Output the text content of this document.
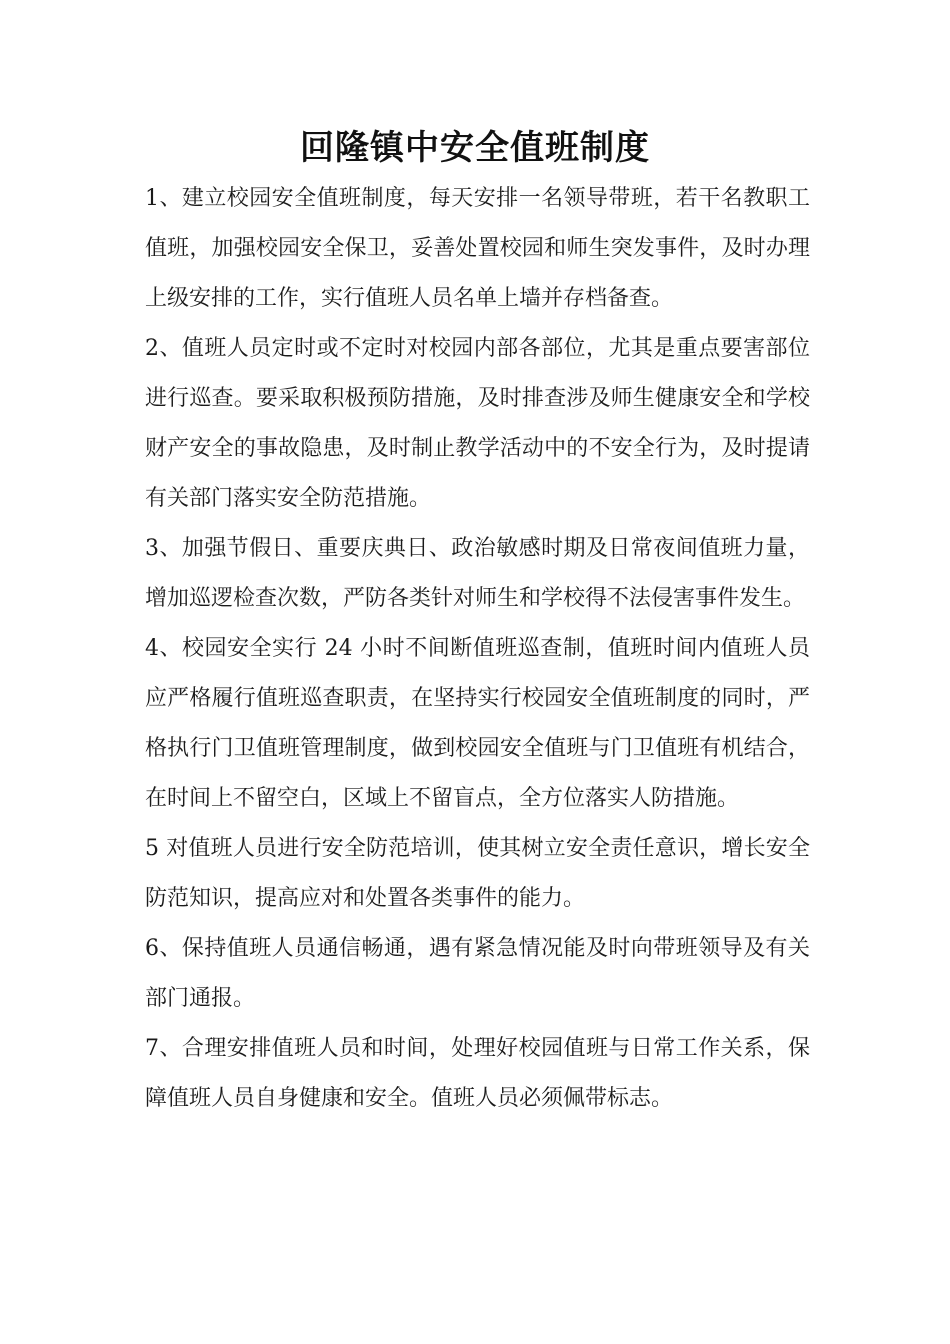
回隆镇中安全值班制度

1、建立校园安全值班制度，每天安排一名领导带班，若干名教职工值班，加强校园安全保卫，妥善处置校园和师生突发事件，及时办理上级安排的工作，实行值班人员名单上墙并存档备查。

2、值班人员定时或不定时对校园内部各部位，尤其是重点要害部位进行巡查。要采取积极预防措施，及时排查涉及师生健康安全和学校财产安全的事故隐患，及时制止教学活动中的不安全行为，及时提请有关部门落实安全防范措施。

3、加强节假日、重要庆典日、政治敏感时期及日常夜间值班力量，增加巡逻检查次数，严防各类针对师生和学校得不法侵害事件发生。

4、校园安全实行 24 小时不间断值班巡查制，值班时间内值班人员应严格履行值班巡查职责，在坚持实行校园安全值班制度的同时，严格执行门卫值班管理制度，做到校园安全值班与门卫值班有机结合，在时间上不留空白，区域上不留盲点，全方位落实人防措施。

5 对值班人员进行安全防范培训，使其树立安全责任意识，增长安全防范知识，提高应对和处置各类事件的能力。

6、保持值班人员通信畅通，遇有紧急情况能及时向带班领导及有关部门通报。

7、合理安排值班人员和时间，处理好校园值班与日常工作关系，保障值班人员自身健康和安全。值班人员必须佩带标志。
